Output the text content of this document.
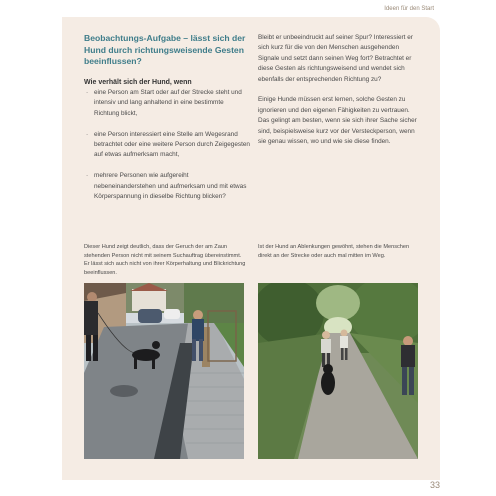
Ideen für den Start
Beobachtungs-Aufgabe – lässt sich der Hund durch richtungsweisende Gesten beeinflussen?
Wie verhält sich der Hund, wenn
· eine Person am Start oder auf der Strecke steht und intensiv und lang anhaltend in eine bestimmte Richtung blickt,
· eine Person interessiert eine Stelle am Wegesrand betrachtet oder eine weitere Person durch Zeigegesten auf etwas aufmerksam macht,
· mehrere Personen wie aufgereiht nebeneinanderstehen und aufmerksam und mit etwas Körperspannung in dieselbe Richtung blicken?

Bleibt er unbeeindruckt auf seiner Spur? Interessiert er sich kurz für die von den Menschen ausgehenden Signale und setzt dann seinen Weg fort? Betrachtet er diese Gesten als richtungsweisend und wendet sich ebenfalls der entsprechenden Richtung zu?

Einige Hunde müssen erst lernen, solche Gesten zu ignorieren und den eigenen Fähigkeiten zu vertrauen. Das gelingt am besten, wenn sie sich ihrer Sache sicher sind, beispielsweise kurz vor der Versteckperson, wenn sie genau wissen, wo und wie sie diese finden.

Dieser Hund zeigt deutlich, dass der Geruch der am Zaun stehenden Person nicht mit seinem Suchauftrag übereinstimmt. Er lässt sich auch nicht von ihrer Körperhaltung und Blickrichtung beeinflussen.
Ist der Hund an Ablenkungen gewöhnt, stehen die Menschen direkt an der Strecke oder auch mal mitten im Weg.
33
